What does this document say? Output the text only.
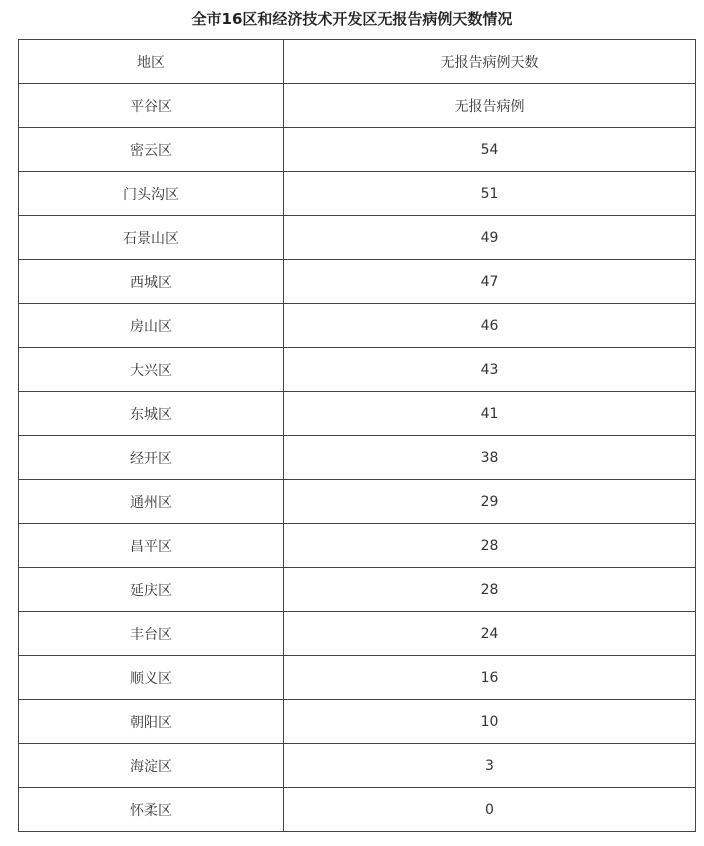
全市16区和经济技术开发区无报告病例天数情况
地区	无报告病例天数
平谷区	无报告病例
密云区	54
门头沟区	51
石景山区	49
西城区	47
房山区	46
大兴区	43
东城区	41
经开区	38
通州区	29
昌平区	28
延庆区	28
丰台区	24
顺义区	16
朝阳区	10
海淀区	3
怀柔区	0
